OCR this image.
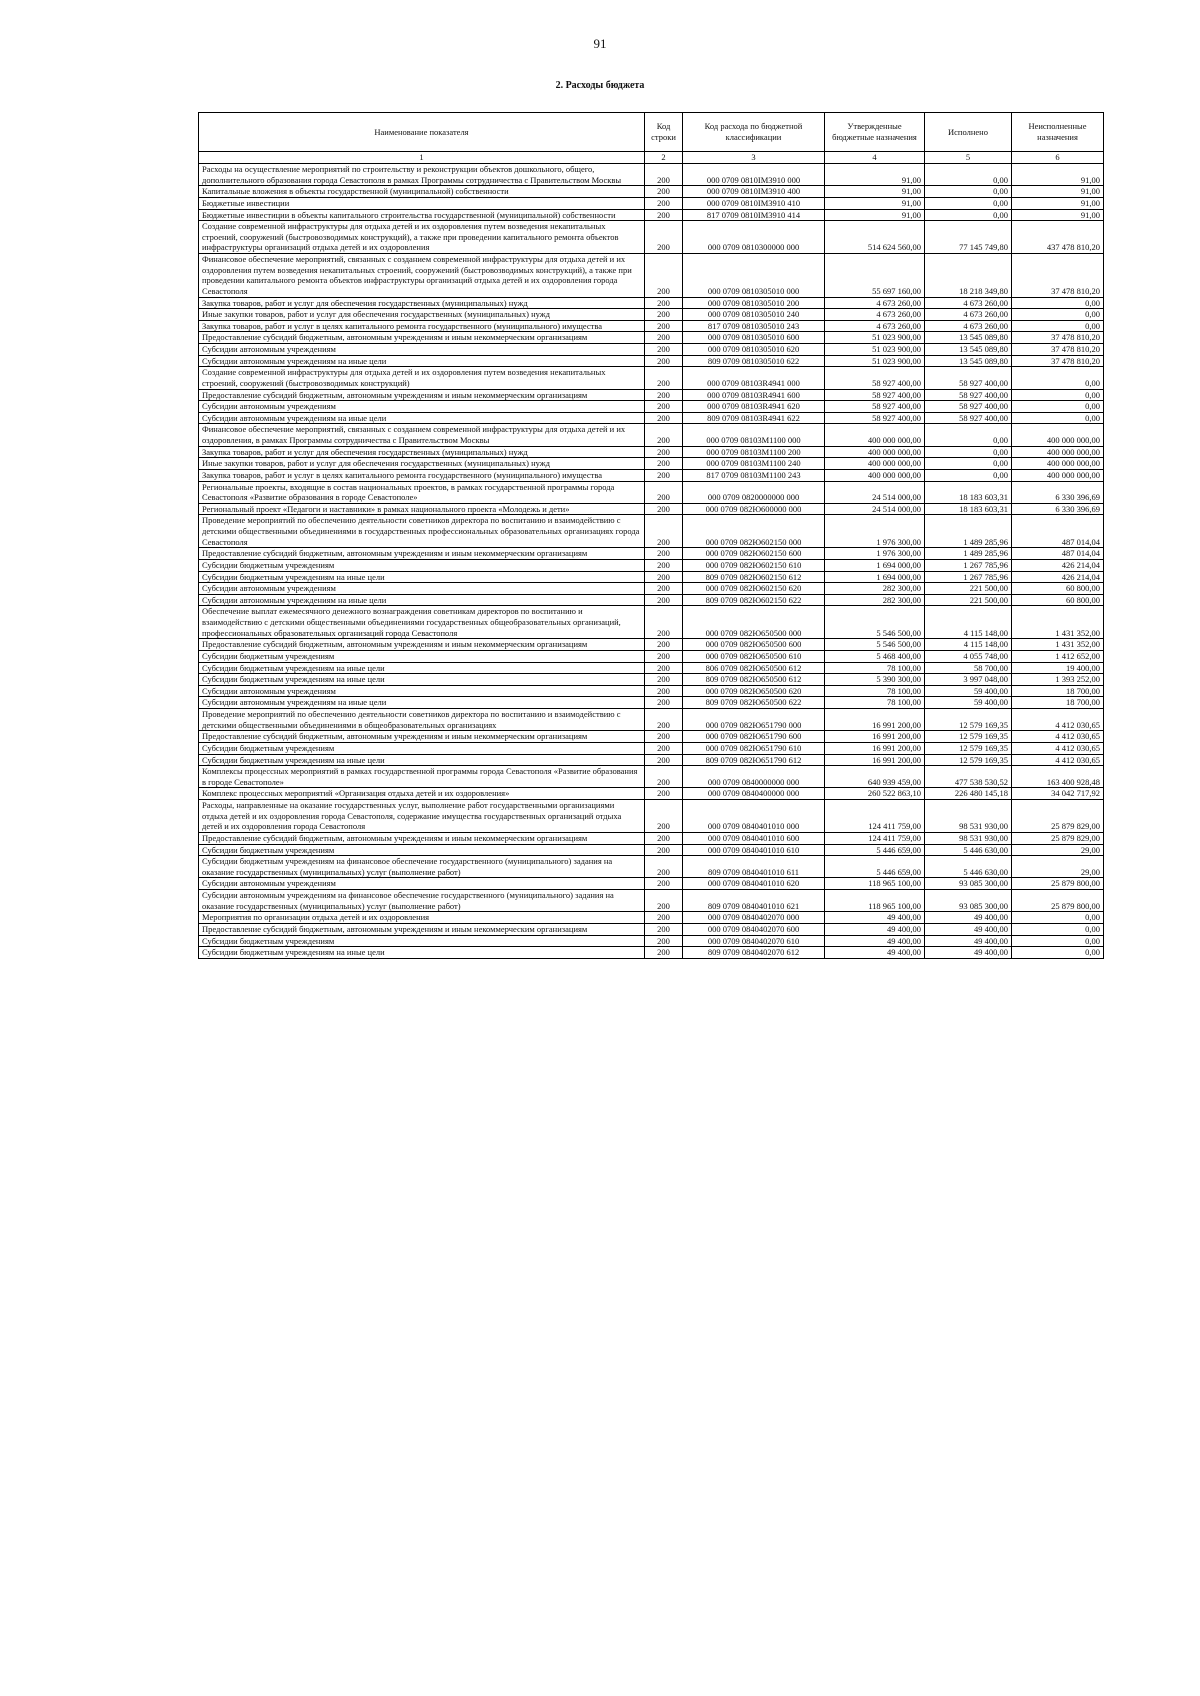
91
2. Расходы бюджета
Наименование показателя	Код строки	Код расхода по бюджетной классификации	Утвержденные бюджетные назначения	Исполнено	Неисполненные назначения
1	2	3	4	5	6
Расходы на осуществление мероприятий по строительству и реконструкции объектов дошкольного, общего, дополнительного образования города Севастополя в рамках Программы сотрудничества с Правительством Москвы	200	000 0709 0810IM3910 000	91,00	0,00	91,00
Капитальные вложения в объекты государственной (муниципальной) собственности	200	000 0709 0810IM3910 400	91,00	0,00	91,00
Бюджетные инвестиции	200	000 0709 0810IM3910 410	91,00	0,00	91,00
Бюджетные инвестиции в объекты капитального строительства государственной (муниципальной) собственности	200	817 0709 0810IM3910 414	91,00	0,00	91,00
Создание современной инфраструктуры для отдыха детей и их оздоровления путем возведения некапитальных строений, сооружений (быстровозводимых конструкций), а также при проведении капитального ремонта объектов инфраструктуры организаций отдыха детей и их оздоровления	200	000 0709 0810300000 000	514 624 560,00	77 145 749,80	437 478 810,20
Финансовое обеспечение мероприятий, связанных с созданием современной инфраструктуры для отдыха детей и их оздоровления путем возведения некапитальных строений, сооружений (быстровозводимых конструкций), а также при проведении капитального ремонта объектов инфраструктуры организаций отдыха детей и их оздоровления города Севастополя	200	000 0709 0810305010 000	55 697 160,00	18 218 349,80	37 478 810,20
Закупка товаров, работ и услуг для обеспечения государственных (муниципальных) нужд	200	000 0709 0810305010 200	4 673 260,00	4 673 260,00	0,00
Иные закупки товаров, работ и услуг для обеспечения государственных (муниципальных) нужд	200	000 0709 0810305010 240	4 673 260,00	4 673 260,00	0,00
Закупка товаров, работ и услуг в целях капитального ремонта государственного (муниципального) имущества	200	817 0709 0810305010 243	4 673 260,00	4 673 260,00	0,00
Предоставление субсидий бюджетным, автономным учреждениям и иным некоммерческим организациям	200	000 0709 0810305010 600	51 023 900,00	13 545 089,80	37 478 810,20
Субсидии автономным учреждениям	200	000 0709 0810305010 620	51 023 900,00	13 545 089,80	37 478 810,20
Субсидии автономным учреждениям на иные цели	200	809 0709 0810305010 622	51 023 900,00	13 545 089,80	37 478 810,20
Создание современной инфраструктуры для отдыха детей и их оздоровления путем возведения некапитальных строений, сооружений (быстровозводимых конструкций)	200	000 0709 08103R4941 000	58 927 400,00	58 927 400,00	0,00
Предоставление субсидий бюджетным, автономным учреждениям и иным некоммерческим организациям	200	000 0709 08103R4941 600	58 927 400,00	58 927 400,00	0,00
Субсидии автономным учреждениям	200	000 0709 08103R4941 620	58 927 400,00	58 927 400,00	0,00
Субсидии автономным учреждениям на иные цели	200	809 0709 08103R4941 622	58 927 400,00	58 927 400,00	0,00
Финансовое обеспечение мероприятий, связанных с созданием современной инфраструктуры для отдыха детей и их оздоровления, в рамках Программы сотрудничества с Правительством Москвы	200	000 0709 08103M1100 000	400 000 000,00	0,00	400 000 000,00
Закупка товаров, работ и услуг для обеспечения государственных (муниципальных) нужд	200	000 0709 08103M1100 200	400 000 000,00	0,00	400 000 000,00
Иные закупки товаров, работ и услуг для обеспечения государственных (муниципальных) нужд	200	000 0709 08103M1100 240	400 000 000,00	0,00	400 000 000,00
Закупка товаров, работ и услуг в целях капитального ремонта государственного (муниципального) имущества	200	817 0709 08103M1100 243	400 000 000,00	0,00	400 000 000,00
Региональные проекты, входящие в состав национальных проектов, в рамках государственной программы города Севастополя «Развитие образования в городе Севастополе»	200	000 0709 0820000000 000	24 514 000,00	18 183 603,31	6 330 396,69
Региональный проект «Педагоги и наставники» в рамках национального проекта «Молодежь и дети»	200	000 0709 082Ю600000 000	24 514 000,00	18 183 603,31	6 330 396,69
Проведение мероприятий по обеспечению деятельности советников директора по воспитанию и взаимодействию с детскими общественными объединениями в государственных профессиональных образовательных организациях города Севастополя	200	000 0709 082Ю602150 000	1 976 300,00	1 489 285,96	487 014,04
Предоставление субсидий бюджетным, автономным учреждениям и иным некоммерческим организациям	200	000 0709 082Ю602150 600	1 976 300,00	1 489 285,96	487 014,04
Субсидии бюджетным учреждениям	200	000 0709 082Ю602150 610	1 694 000,00	1 267 785,96	426 214,04
Субсидии бюджетным учреждениям на иные цели	200	809 0709 082Ю602150 612	1 694 000,00	1 267 785,96	426 214,04
Субсидии автономным учреждениям	200	000 0709 082Ю602150 620	282 300,00	221 500,00	60 800,00
Субсидии автономным учреждениям на иные цели	200	809 0709 082Ю602150 622	282 300,00	221 500,00	60 800,00
Обеспечение выплат ежемесячного денежного вознаграждения советникам директоров по воспитанию и взаимодействию с детскими общественными объединениями государственных общеобразовательных организаций, профессиональных образовательных организаций города Севастополя	200	000 0709 082Ю650500 000	5 546 500,00	4 115 148,00	1 431 352,00
Предоставление субсидий бюджетным, автономным учреждениям и иным некоммерческим организациям	200	000 0709 082Ю650500 600	5 546 500,00	4 115 148,00	1 431 352,00
Субсидии бюджетным учреждениям	200	000 0709 082Ю650500 610	5 468 400,00	4 055 748,00	1 412 652,00
Субсидии бюджетным учреждениям на иные цели	200	806 0709 082Ю650500 612	78 100,00	58 700,00	19 400,00
Субсидии бюджетным учреждениям на иные цели	200	809 0709 082Ю650500 612	5 390 300,00	3 997 048,00	1 393 252,00
Субсидии автономным учреждениям	200	000 0709 082Ю650500 620	78 100,00	59 400,00	18 700,00
Субсидии автономным учреждениям на иные цели	200	809 0709 082Ю650500 622	78 100,00	59 400,00	18 700,00
Проведение мероприятий по обеспечению деятельности советников директора по воспитанию и взаимодействию с детскими общественными объединениями в общеобразовательных организациях	200	000 0709 082Ю651790 000	16 991 200,00	12 579 169,35	4 412 030,65
Предоставление субсидий бюджетным, автономным учреждениям и иным некоммерческим организациям	200	000 0709 082Ю651790 600	16 991 200,00	12 579 169,35	4 412 030,65
Субсидии бюджетным учреждениям	200	000 0709 082Ю651790 610	16 991 200,00	12 579 169,35	4 412 030,65
Субсидии бюджетным учреждениям на иные цели	200	809 0709 082Ю651790 612	16 991 200,00	12 579 169,35	4 412 030,65
Комплексы процессных мероприятий в рамках государственной программы города Севастополя «Развитие образования в городе Севастополе»	200	000 0709 0840000000 000	640 939 459,00	477 538 530,52	163 400 928,48
Комплекс процессных мероприятий «Организация отдыха детей и их оздоровления»	200	000 0709 0840400000 000	260 522 863,10	226 480 145,18	34 042 717,92
Расходы, направленные на оказание государственных услуг, выполнение работ государственными организациями отдыха детей и их оздоровления города Севастополя, содержание имущества государственных организаций отдыха детей и их оздоровления города Севастополя	200	000 0709 0840401010 000	124 411 759,00	98 531 930,00	25 879 829,00
Предоставление субсидий бюджетным, автономным учреждениям и иным некоммерческим организациям	200	000 0709 0840401010 600	124 411 759,00	98 531 930,00	25 879 829,00
Субсидии бюджетным учреждениям	200	000 0709 0840401010 610	5 446 659,00	5 446 630,00	29,00
Субсидии бюджетным учреждениям на финансовое обеспечение государственного (муниципального) задания на оказание государственных (муниципальных) услуг (выполнение работ)	200	809 0709 0840401010 611	5 446 659,00	5 446 630,00	29,00
Субсидии автономным учреждениям	200	000 0709 0840401010 620	118 965 100,00	93 085 300,00	25 879 800,00
Субсидии автономным учреждениям на финансовое обеспечение государственного (муниципального) задания на оказание государственных (муниципальных) услуг (выполнение работ)	200	809 0709 0840401010 621	118 965 100,00	93 085 300,00	25 879 800,00
Мероприятия по организации отдыха детей и их оздоровления	200	000 0709 0840402070 000	49 400,00	49 400,00	0,00
Предоставление субсидий бюджетным, автономным учреждениям и иным некоммерческим организациям	200	000 0709 0840402070 600	49 400,00	49 400,00	0,00
Субсидии бюджетным учреждениям	200	000 0709 0840402070 610	49 400,00	49 400,00	0,00
Субсидии бюджетным учреждениям на иные цели	200	809 0709 0840402070 612	49 400,00	49 400,00	0,00
